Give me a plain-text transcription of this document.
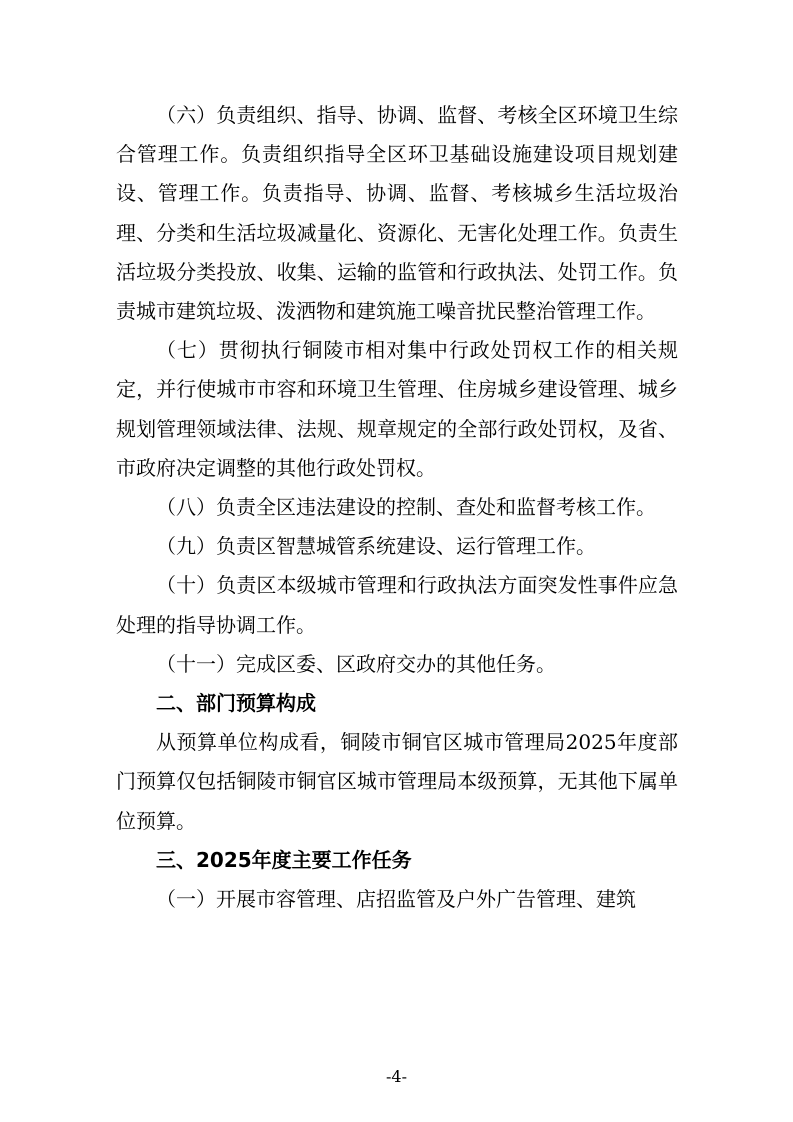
（六）负责组织、指导、协调、监督、考核全区环境卫生综合管理工作。负责组织指导全区环卫基础设施建设项目规划建设、管理工作。负责指导、协调、监督、考核城乡生活垃圾治理、分类和生活垃圾减量化、资源化、无害化处理工作。负责生活垃圾分类投放、收集、运输的监管和行政执法、处罚工作。负责城市建筑垃圾、泼洒物和建筑施工噪音扰民整治管理工作。

（七）贯彻执行铜陵市相对集中行政处罚权工作的相关规定，并行使城市市容和环境卫生管理、住房城乡建设管理、城乡规划管理领域法律、法规、规章规定的全部行政处罚权，及省、市政府决定调整的其他行政处罚权。

（八）负责全区违法建设的控制、查处和监督考核工作。

（九）负责区智慧城管系统建设、运行管理工作。

（十）负责区本级城市管理和行政执法方面突发性事件应急处理的指导协调工作。

（十一）完成区委、区政府交办的其他任务。

二、部门预算构成

从预算单位构成看，铜陵市铜官区城市管理局2025年度部门预算仅包括铜陵市铜官区城市管理局本级预算，无其他下属单位预算。

三、2025年度主要工作任务

（一）开展市容管理、店招监管及户外广告管理、建筑

-4-
